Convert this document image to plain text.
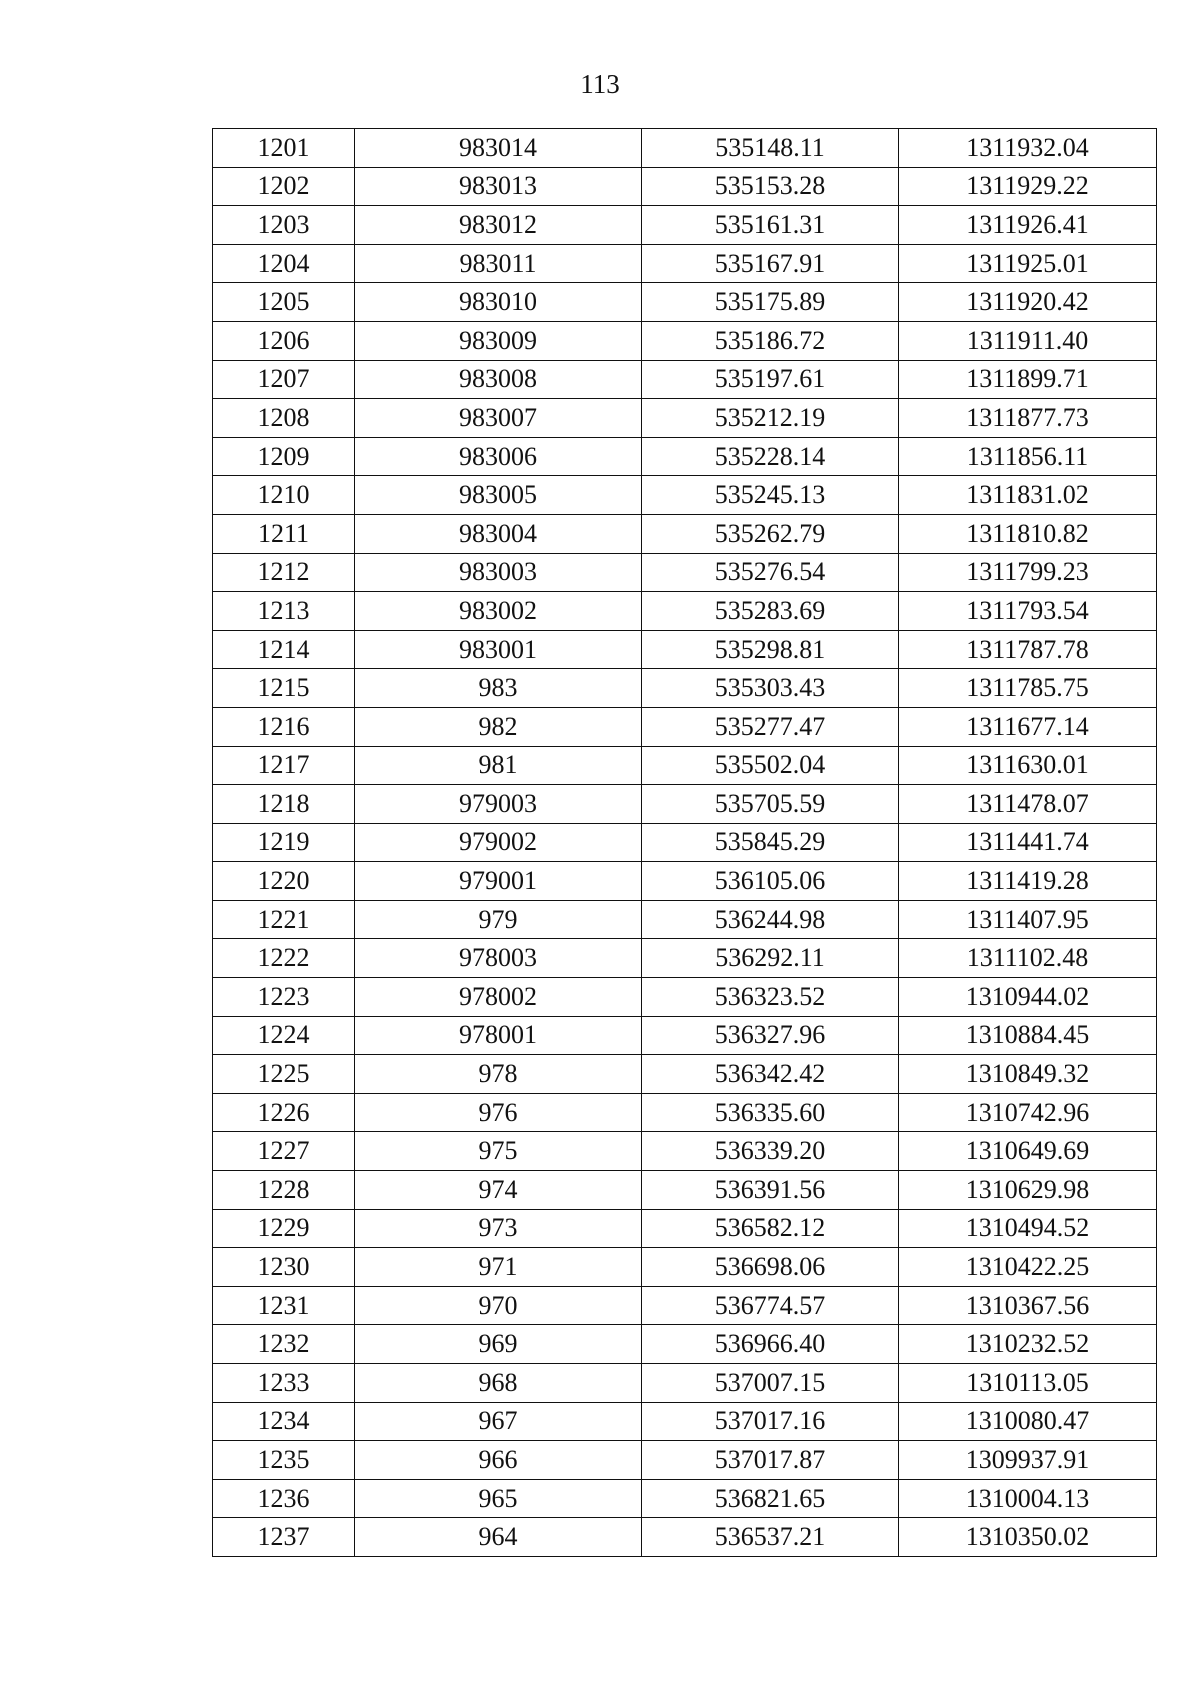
113
1201	983014	535148.11	1311932.04
1202	983013	535153.28	1311929.22
1203	983012	535161.31	1311926.41
1204	983011	535167.91	1311925.01
1205	983010	535175.89	1311920.42
1206	983009	535186.72	1311911.40
1207	983008	535197.61	1311899.71
1208	983007	535212.19	1311877.73
1209	983006	535228.14	1311856.11
1210	983005	535245.13	1311831.02
1211	983004	535262.79	1311810.82
1212	983003	535276.54	1311799.23
1213	983002	535283.69	1311793.54
1214	983001	535298.81	1311787.78
1215	983	535303.43	1311785.75
1216	982	535277.47	1311677.14
1217	981	535502.04	1311630.01
1218	979003	535705.59	1311478.07
1219	979002	535845.29	1311441.74
1220	979001	536105.06	1311419.28
1221	979	536244.98	1311407.95
1222	978003	536292.11	1311102.48
1223	978002	536323.52	1310944.02
1224	978001	536327.96	1310884.45
1225	978	536342.42	1310849.32
1226	976	536335.60	1310742.96
1227	975	536339.20	1310649.69
1228	974	536391.56	1310629.98
1229	973	536582.12	1310494.52
1230	971	536698.06	1310422.25
1231	970	536774.57	1310367.56
1232	969	536966.40	1310232.52
1233	968	537007.15	1310113.05
1234	967	537017.16	1310080.47
1235	966	537017.87	1309937.91
1236	965	536821.65	1310004.13
1237	964	536537.21	1310350.02
